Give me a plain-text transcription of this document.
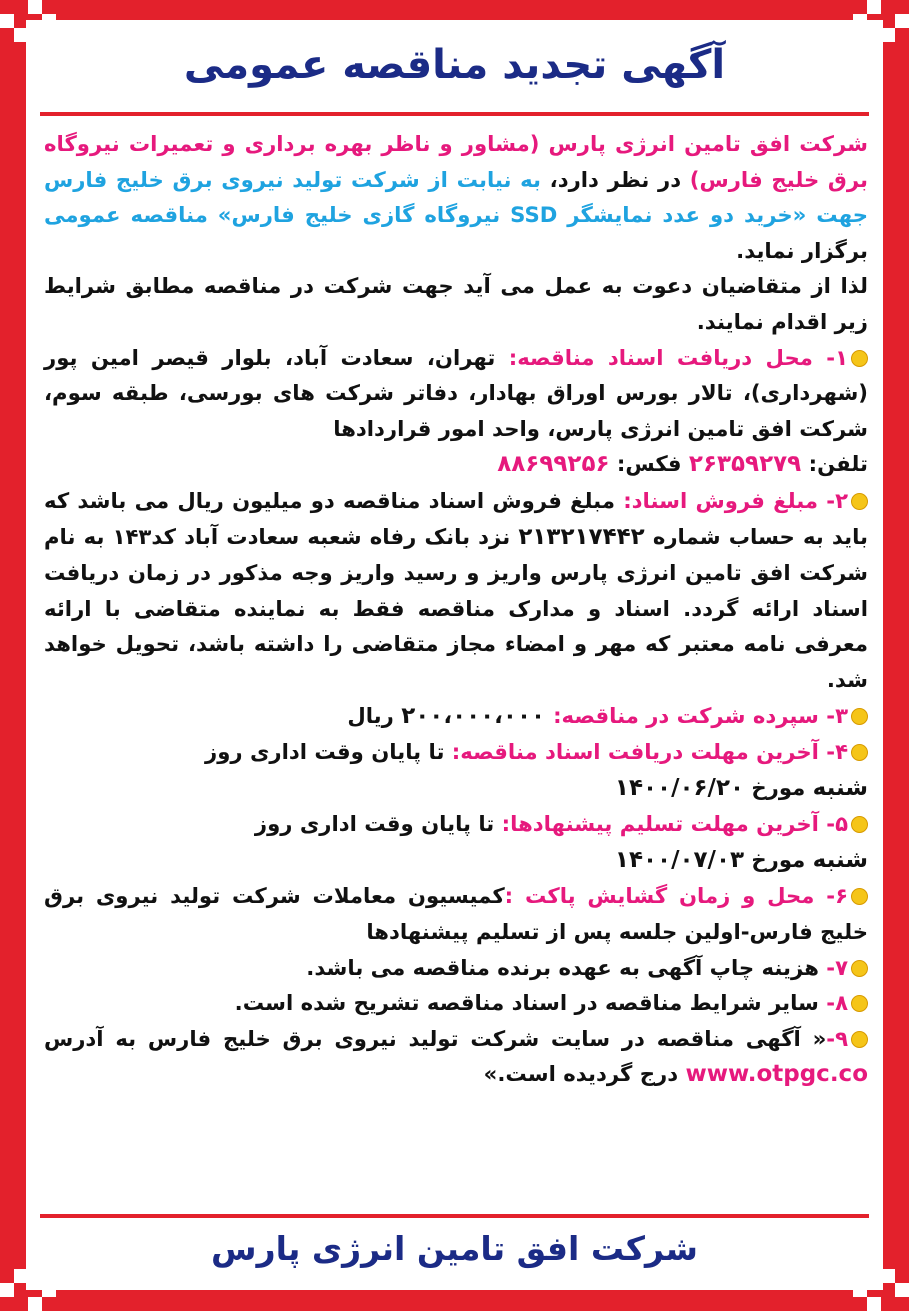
آگهی تجدید مناقصه عمومی

شرکت افق تامین انرژی پارس (مشاور و ناظر بهره برداری و تعمیرات نیروگاه برق خلیج فارس) در نظر دارد، به نیابت از شرکت تولید نیروی برق خلیج فارس جهت «خرید دو عدد نمایشگر SSD نیروگاه گازی خلیج فارس» مناقصه عمومی برگزار نماید.

لذا از متقاضیان دعوت به عمل می آید جهت شرکت در مناقصه مطابق شرایط زیر اقدام نمایند.

۱- محل دریافت اسناد مناقصه: تهران، سعادت آباد، بلوار قیصر امین پور (شهرداری)، تالار بورس اوراق بهادار، دفاتر شرکت های بورسی، طبقه سوم، شرکت افق تامین انرژی پارس، واحد امور قراردادها
تلفن: ۲۶۳۵۹۲۷۹ فکس: ۸۸۶۹۹۲۵۶

۲- مبلغ فروش اسناد: مبلغ فروش اسناد مناقصه دو میلیون ریال می باشد که باید به حساب شماره ۲۱۳۲۱۷۴۴۲ نزد بانک رفاه شعبه سعادت آباد کد۱۴۳ به نام شرکت افق تامین انرژی پارس واریز و رسید واریز وجه مذکور در زمان دریافت اسناد ارائه گردد. اسناد و مدارک مناقصه فقط به نماینده متقاضی با ارائه معرفی نامه معتبر که مهر و امضاء مجاز متقاضی را داشته باشد، تحویل خواهد شد.

۳- سپرده شرکت در مناقصه: ۲۰۰،۰۰۰،۰۰۰ ریال

۴- آخرین مهلت دریافت اسناد مناقصه: تا پایان وقت اداری روز
شنبه مورخ ۱۴۰۰/۰۶/۲۰

۵- آخرین مهلت تسلیم پیشنهادها: تا پایان وقت اداری روز
شنبه مورخ ۱۴۰۰/۰۷/۰۳

۶- محل و زمان گشایش پاکت :کمیسیون معاملات شرکت تولید نیروی برق خلیج فارس-اولین جلسه پس از تسلیم پیشنهادها

۷- هزینه چاپ آگهی به عهده برنده مناقصه می باشد.

۸- سایر شرایط مناقصه در اسناد مناقصه تشریح شده است.

۹-« آگهی مناقصه در سایت شرکت تولید نیروی برق خلیج فارس به آدرس www.otpgc.co درج گردیده است.»

شرکت افق تامین انرژی پارس
